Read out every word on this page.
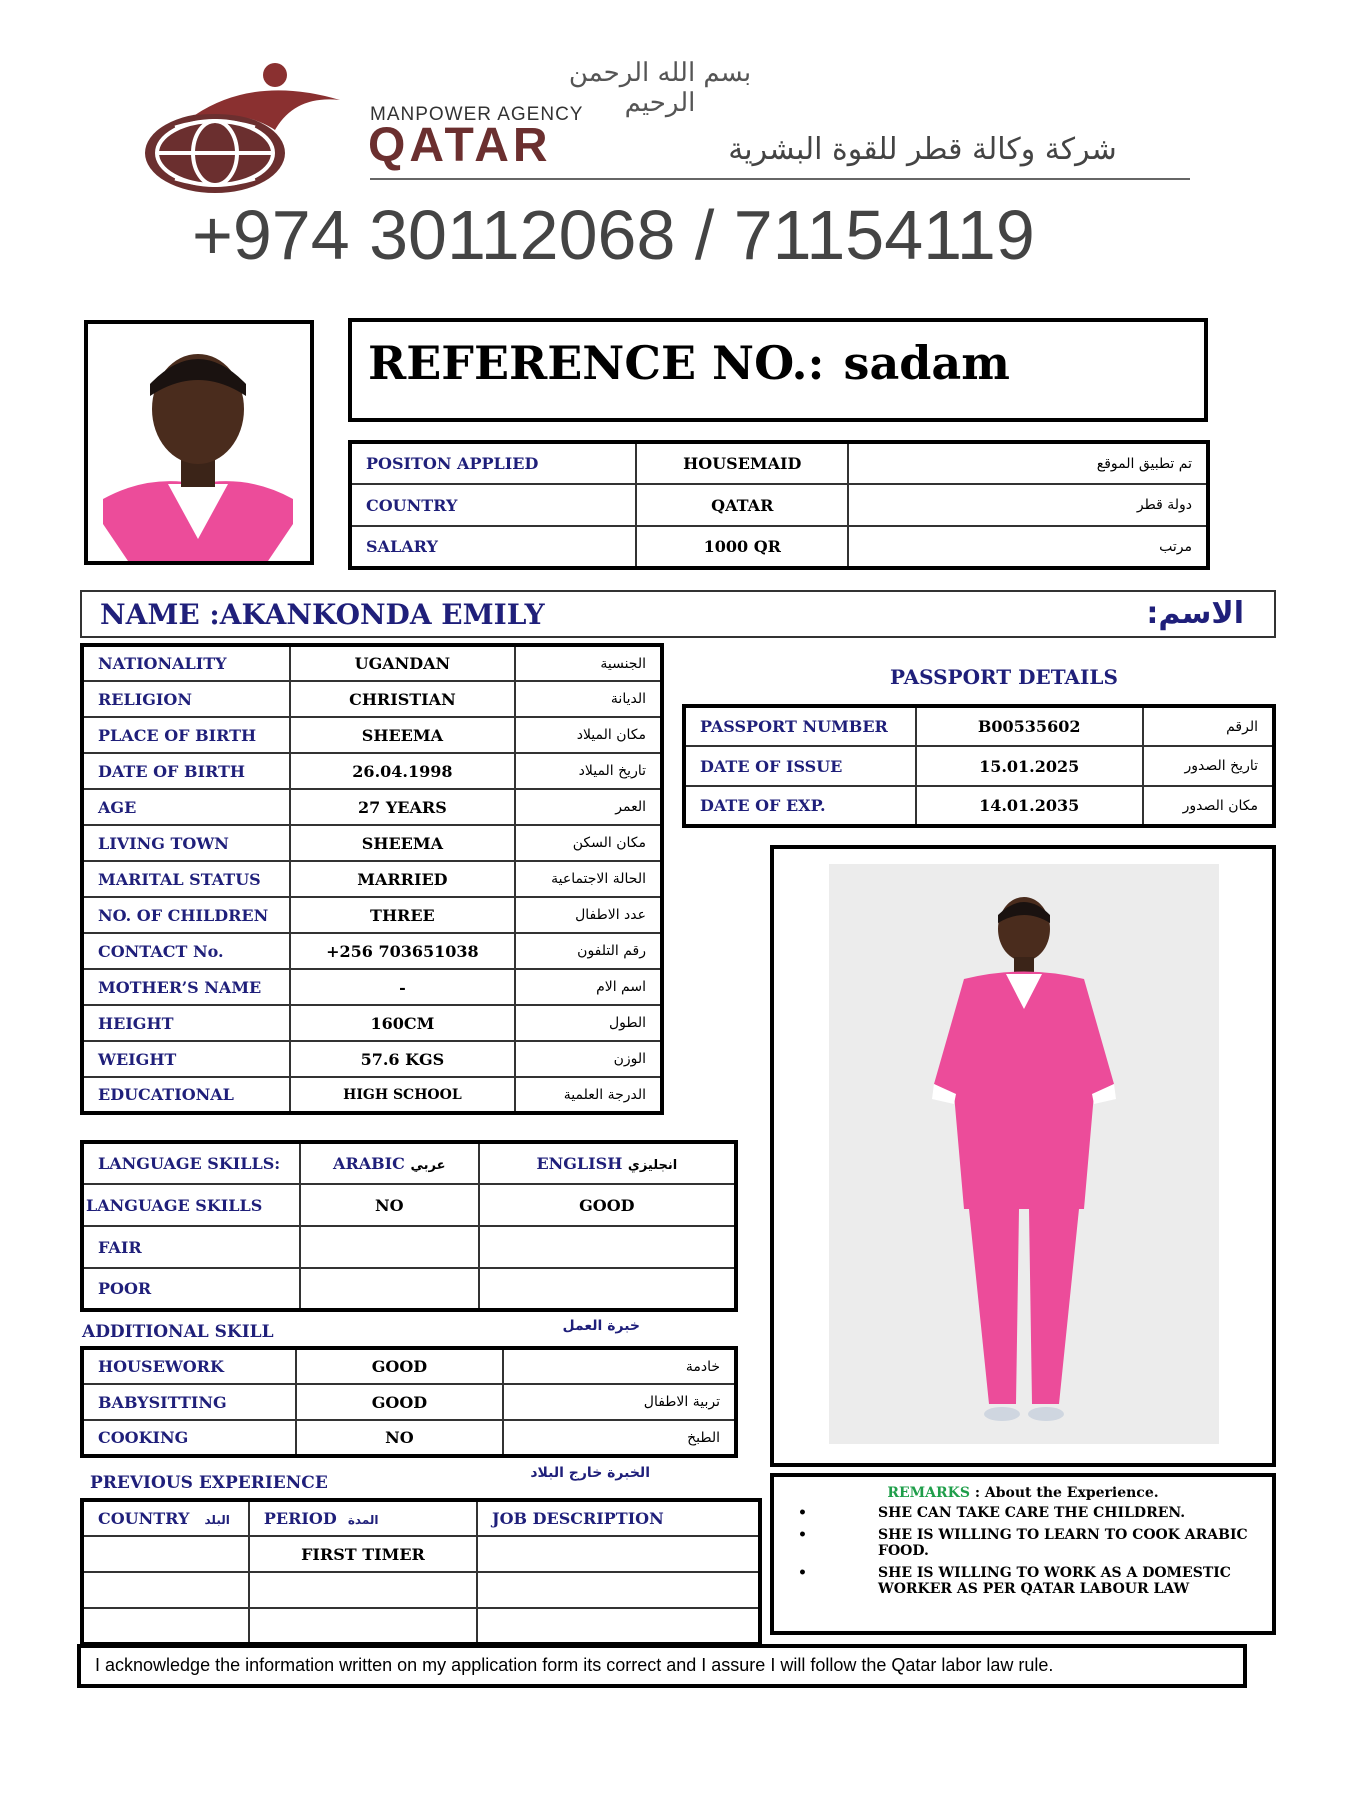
بسم الله الرحمن الرحيم
MANPOWER AGENCY
QATAR	شركة وكالة قطر للقوة البشرية
+974 30112068 / 71154119
REFERENCE NO.: sadam
POSITON APPLIED	HOUSEMAID	تم تطبيق الموقع
COUNTRY	QATAR	دولة قطر
SALARY	1000 QR	مرتب
NAME :AKANKONDA EMILY	الاسم:
NATIONALITY	UGANDAN	الجنسية
RELIGION	CHRISTIAN	الديانة
PLACE OF BIRTH	SHEEMA	مكان الميلاد
DATE OF BIRTH	26.04.1998	تاريخ الميلاد
AGE	27 YEARS	العمر
LIVING TOWN	SHEEMA	مكان السكن
MARITAL STATUS	MARRIED	الحالة الاجتماعية
NO. OF CHILDREN	THREE	عدد الاطفال
CONTACT No.	+256 703651038	رقم التلفون
MOTHER’S NAME	-	اسم الام
HEIGHT	160CM	الطول
WEIGHT	57.6 KGS	الوزن
EDUCATIONAL	HIGH SCHOOL	الدرجة العلمية
PASSPORT DETAILS
PASSPORT NUMBER	B00535602	الرقم
DATE OF ISSUE	15.01.2025	تاريخ الصدور
DATE OF EXP.	14.01.2035	مكان الصدور
LANGUAGE SKILLS:	ARABIC عربي	ENGLISH انجليزي
LANGUAGE SKILLS	NO	GOOD
FAIR		
POOR		
ADDITIONAL SKILL	خبرة العمل
HOUSEWORK	GOOD	خادمة
BABYSITTING	GOOD	تربية الاطفال
COOKING	NO	الطبخ
PREVIOUS EXPERIENCE	الخبرة خارج البلاد
COUNTRY البلد	PERIOD المدة	JOB DESCRIPTION
	FIRST TIMER	

REMARKS : About the Experience.
•	SHE CAN TAKE CARE THE CHILDREN.
•	SHE IS WILLING TO LEARN TO COOK ARABIC FOOD.
•	SHE IS WILLING TO WORK AS A DOMESTIC WORKER AS PER QATAR LABOUR LAW
I acknowledge the information written on my application form its correct and I assure I will follow the Qatar labor law rule.
